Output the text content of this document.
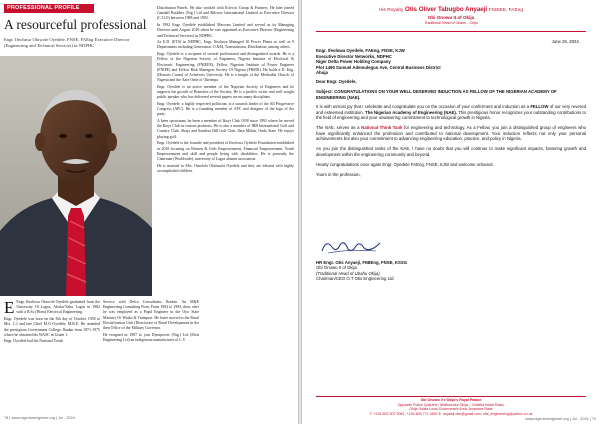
PROFESSIONAL PROFILE
A resourceful professional
Engr. Ifeoluwa Oluwole Oyedele, FNSE, FAEng Executive Director (Engineering and Technical Services) in NDPHC

Distribution Panels. He also worked with Eclectic Group & Partners. He later joined Gamlall Builders (Nig.) Ltd and Bilcrow International Limited as Executive Director (C.O.O) between 1988 and 1992.

In 1992 Engr. Oyedele established Mascom Limited and served as its Managing Director until August 2016 when he was appointed as Executive Director (Engineering and Technical Services) in NDPHC.

As E.D. (ETS) in NDPHC, Engr. Ifeoluwa Managed 10 Power Plants as well as 9 Departments including Generation, O &M, Transmission, Distribution, among others.

Engr. Oyedele is a recipient of several professional and distinguished awards. He is a Fellow of the Nigerian Society of Engineers, Nigeria Institute of Electrical & Electronic Engineering (FNIEEE), Fellow Nigerian Institute of Power Engineer (FNIPE) and Fellow Risk Managers Society Of Nigeria (FRMN). He holds a D. Eng. (Honoris Causa) of Achievers University. He is a knight of the Methodist Church of Nigeria and the Aare Onse of Okerinpa.

Engr. Oyedele is an active member of the Nigerian Society of Engineers and he supports the growth of Branches of the Society. He is a prolific writer and well sought public speaker who has delivered several papers across many disciplines.

Engr. Oyedele, a highly respected politician, is a staunch leader of the All Progressive Congress (APC). He is a founding member of APC and designer of the logo of the party.

A keen sportsman, he been a member of Ikoyi Club 1938 since 1992 where he served the Ikoyi Club in various positions. He is also a member of IBB International Golf and Country Club, Abuja and Sandora Hill Golf Club, Ilara Mokin, Ondo State. He enjoys playing golf.

Engr. Oyedele is the founder and president of Ifeoluwa Oyedele Foundation established in 2018 focusing on Women & Girls Empowerment, Financial Empowerment, Youth Empowerment and skill and people living with disabilities. He is presently the Chairman (Worldwide), university of Lagos alumni association.

He is married to Mrs. Omolola Olufunola Oyedele and they are blessed with highly accomplished children.

E Engr. Ifeoluwa Oluwole Oyedele graduated from the University Of Lagos, Akoka-Yaba, Lagos in 1982 with a B.Sc (Hons) Electrical Engineering.

Engr. Oyedele was born on the 8th day of October 1958 to Mrs. C.I and late Chief M.O Oyedele, M.B.E. He attended the prestigious Government College, Ibadan from 1971-1975 where he obtained his WASC in Grade 1.

Engr. Oyedele had his National Youth

Service with Delco Consultants, Ibadan. An M&E Engineering Consulting Firm. From 1982 to 1983, then, after he was employed as a Pupil Engineer in the Oyo State Ministry Of Works & Transport. He latter moved to the Rural Electrification Unit (Directorate of Rural Development in the then Office of the Military Governor.

He resigned in 1987 to join Dynapower (Nig.) Ltd (Mott Engineering Ltd) an indigenous manufacturer of L.V

78 | www.nigerianengineer.org | Jul - 2024
His Royalty Otis Oliver Tabugbo Anyaeji FSIEEE, FAEng
Obi Onowu II of Okija
Traditional Head of Obanu - Okija
June 26, 2024.
Engr. Ifeoluwa Oyedele, FAEng, FNSE, KJW
Executive Director Networks, NDPHC
Niger Delta Power Holding Company
Plot 1490 Samuel Ademulegun Ave, Central Business District
Abuja
Dear Engr. Oyedele,
Subject: CONGRATULATIONS ON YOUR WELL DESERVED INDUCTION AS FELLOW OF THE NIGERIAN ACADEMY OF ENGINEERING (NAE).

It is with utmost joy that I celebrate and congratulate you on the occasion of your conferment and induction as a FELLOW of our very revered and esteemed institution, The Nigerian Academy of Engineering (NAE). This prestigious honor recognizes your outstanding contributions to the field of engineering and your unwavering commitment to technological growth in Nigeria.

The NAE, serves as a National Think Tank for engineering and technology. As a Fellow, you join a distinguished group of engineers who have significantly enhanced the profession and contributed to national development. Your induction reflects not only your personal achievements but also your commitment to advancing engineering education, practice, and policy in Nigeria.

As you join the distinguished ranks of the NAE, I have no doubt that you will continue to make significant impacts, fostering growth and development within the engineering community and beyond.

Hearty congratulations once again Engr. Oyedele FAEng, FNSE, KJW and welcome onboard.

Yours in the profession,

HR Engr. Otis Anyaeji, FIIBEng, FNSE, KSSG
Obi Onowu II of Okija
(Traditional Head of Ubahu Okija)
Chairman/CEO O.T Otis Engineering Ltd
Obi Onowu II e'Okija's Royal Palace
Opposite Police Quarters, Ubahuezike Okija – Onitsha Ihiala Road,
Okija, Ihiala Local Government Area, Anambra State
T: +234 803 307 9061, +234 805 771 2652 E: anyaeji.otis@gmail.com; otis_engineering@yahoo.co.uk
www.nigerianengineer.org | Jul - 2024 | 79
